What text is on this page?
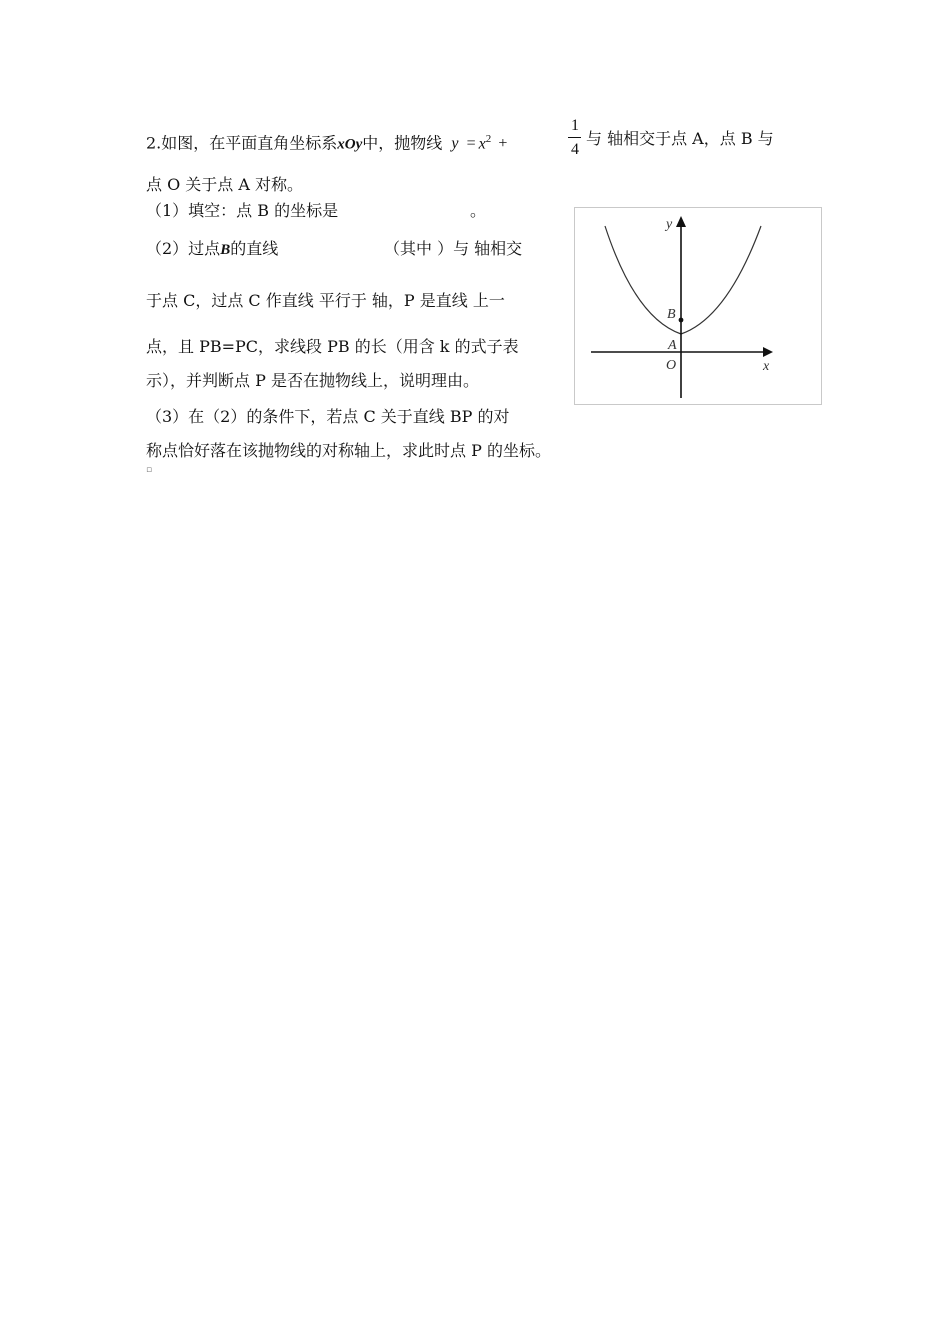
2.如图，在平面直角坐标系xOy中，抛物线 $y = x^2$ +
1
4
与 轴相交于点 A，点 B 与
点 O 关于点 A 对称。
（1）填空：点 B 的坐标是	。
（2）过点B的直线	（其中 ）与 轴相交
于点 C，过点 C 作直线 平行于 轴，P 是直线 上一
点，且 PB=PC，求线段 PB 的长（用含 k 的式子表
示），并判断点 P 是否在抛物线上，说明理由。
（3）在（2）的条件下，若点 C 关于直线 BP 的对
称点恰好落在该抛物线的对称轴上，求此时点 P 的坐标。
▫
y
x
B
A
O
